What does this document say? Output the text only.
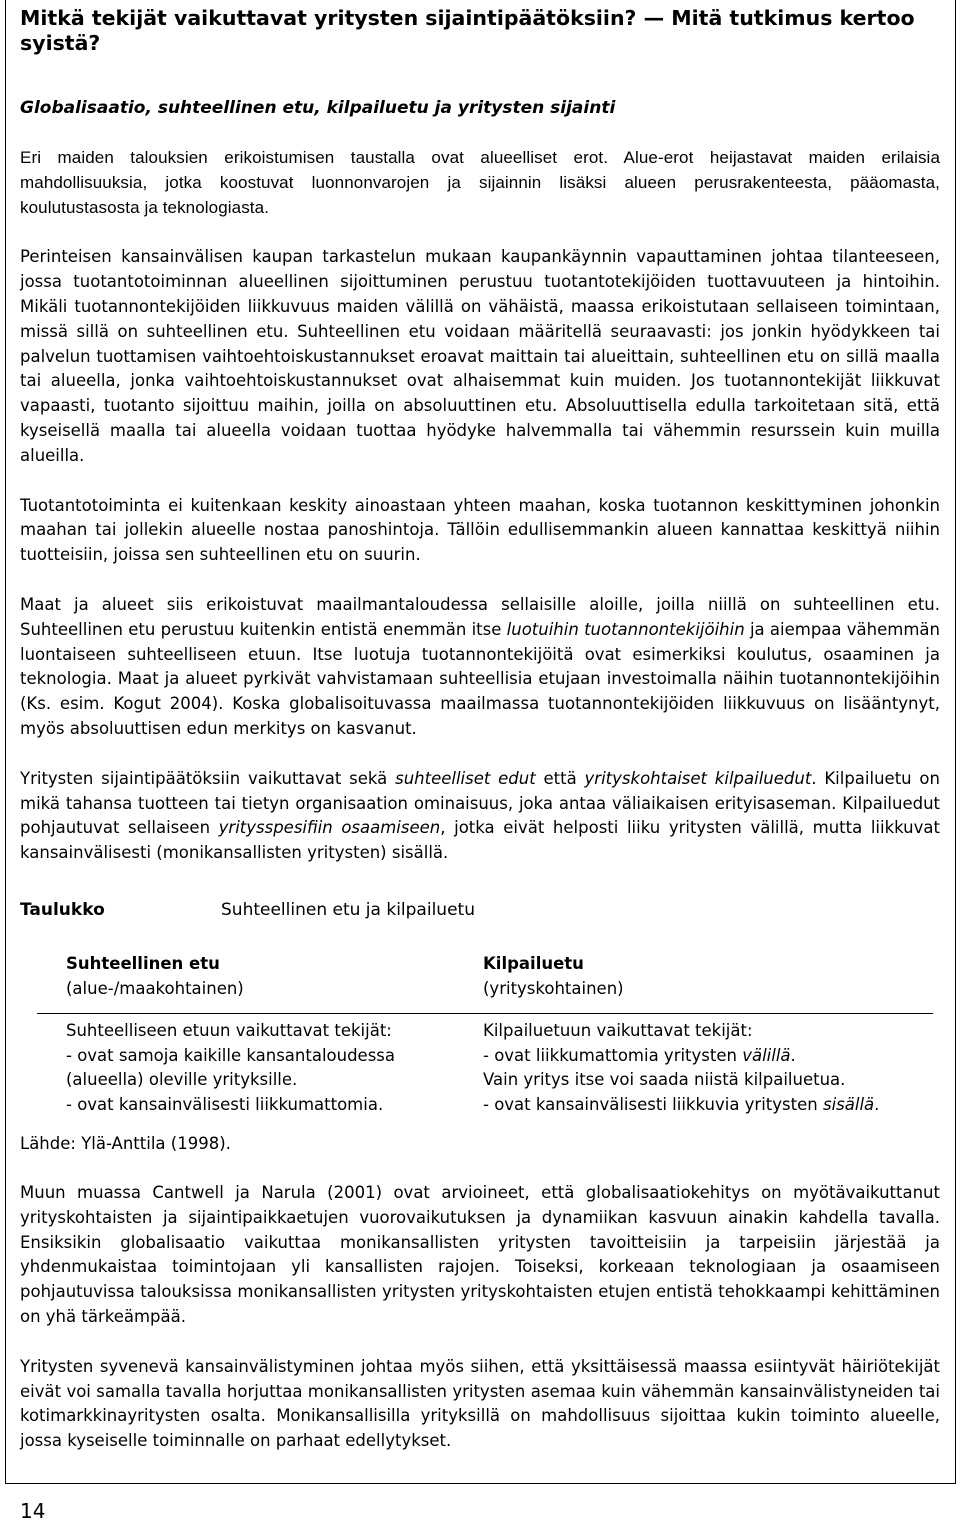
Mitkä tekijät vaikuttavat yritysten sijaintipäätöksiin? — Mitä tutkimus kertoo syistä?
Globalisaatio, suhteellinen etu, kilpailuetu ja yritysten sijainti

Eri maiden talouksien erikoistumisen taustalla ovat alueelliset erot. Alue-erot heijastavat maiden erilaisia mahdollisuuksia, jotka koostuvat luonnonvarojen ja sijainnin lisäksi alueen perusrakenteesta, pääomasta, koulutustasosta ja teknologiasta.

Perinteisen kansainvälisen kaupan tarkastelun mukaan kaupankäynnin vapauttaminen johtaa tilanteeseen, jossa tuotantotoiminnan alueellinen sijoittuminen perustuu tuotantotekijöiden tuottavuuteen ja hintoihin. Mikäli tuotannontekijöiden liikkuvuus maiden välillä on vähäistä, maassa erikoistutaan sellaiseen toimintaan, missä sillä on suhteellinen etu. Suhteellinen etu voidaan määritellä seuraavasti: jos jonkin hyödykkeen tai palvelun tuottamisen vaihtoehtoiskustannukset eroavat maittain tai alueittain, suhteellinen etu on sillä maalla tai alueella, jonka vaihtoehtoiskustannukset ovat alhaisemmat kuin muiden. Jos tuotannontekijät liikkuvat vapaasti, tuotanto sijoittuu maihin, joilla on absoluuttinen etu. Absoluuttisella edulla tarkoitetaan sitä, että kyseisellä maalla tai alueella voidaan tuottaa hyödyke halvemmalla tai vähemmin resurssein kuin muilla alueilla.

Tuotantotoiminta ei kuitenkaan keskity ainoastaan yhteen maahan, koska tuotannon keskittyminen johonkin maahan tai jollekin alueelle nostaa panoshintoja. Tällöin edullisemmankin alueen kannattaa keskittyä niihin tuotteisiin, joissa sen suhteellinen etu on suurin.

Maat ja alueet siis erikoistuvat maailmantaloudessa sellaisille aloille, joilla niillä on suhteellinen etu. Suhteellinen etu perustuu kuitenkin entistä enemmän itse luotuihin tuotannontekijöihin ja aiempaa vähemmän luontaiseen suhteelliseen etuun. Itse luotuja tuotannontekijöitä ovat esimerkiksi koulutus, osaaminen ja teknologia. Maat ja alueet pyrkivät vahvistamaan suhteellisia etujaan investoimalla näihin tuotannontekijöihin (Ks. esim. Kogut 2004). Koska globalisoituvassa maailmassa tuotannontekijöiden liikkuvuus on lisääntynyt, myös absoluuttisen edun merkitys on kasvanut.

Yritysten sijaintipäätöksiin vaikuttavat sekä suhteelliset edut että yrityskohtaiset kilpailuedut. Kilpailuetu on mikä tahansa tuotteen tai tietyn organisaation ominaisuus, joka antaa väliaikaisen erityisaseman. Kilpailuedut pohjautuvat sellaiseen yritysspesifiin osaamiseen, jotka eivät helposti liiku yritysten välillä, mutta liikkuvat kansainvälisesti (monikansallisten yritysten) sisällä.

Taulukko	Suhteellinen etu ja kilpailuetu
Suhteellinen etu
(alue-/maakohtainen)
Kilpailuetu
(yrityskohtainen)
Suhteelliseen etuun vaikuttavat tekijät:
- ovat samoja kaikille kansantaloudessa
(alueella) oleville yrityksille.
- ovat kansainvälisesti liikkumattomia.
Kilpailuetuun vaikuttavat tekijät:
- ovat liikkumattomia yritysten välillä.
Vain yritys itse voi saada niistä kilpailuetua.
- ovat kansainvälisesti liikkuvia yritysten sisällä.
Lähde: Ylä-Anttila (1998).

Muun muassa Cantwell ja Narula (2001) ovat arvioineet, että globalisaatiokehitys on myötävaikuttanut yrityskohtaisten ja sijaintipaikkaetujen vuorovaikutuksen ja dynamiikan kasvuun ainakin kahdella tavalla. Ensiksikin globalisaatio vaikuttaa monikansallisten yritysten tavoitteisiin ja tarpeisiin järjestää ja yhdenmukaistaa toimintojaan yli kansallisten rajojen. Toiseksi, korkeaan teknologiaan ja osaamiseen pohjautuvissa talouksissa monikansallisten yritysten yrityskohtaisten etujen entistä tehokkaampi kehittäminen on yhä tärkeämpää.

Yritysten syvenevä kansainvälistyminen johtaa myös siihen, että yksittäisessä maassa esiintyvät häiriötekijät eivät voi samalla tavalla horjuttaa monikansallisten yritysten asemaa kuin vähemmän kansainvälistyneiden tai kotimarkkinayritysten osalta. Monikansallisilla yrityksillä on mahdollisuus sijoittaa kukin toiminto alueelle, jossa kyseiselle toiminnalle on parhaat edellytykset.

14
